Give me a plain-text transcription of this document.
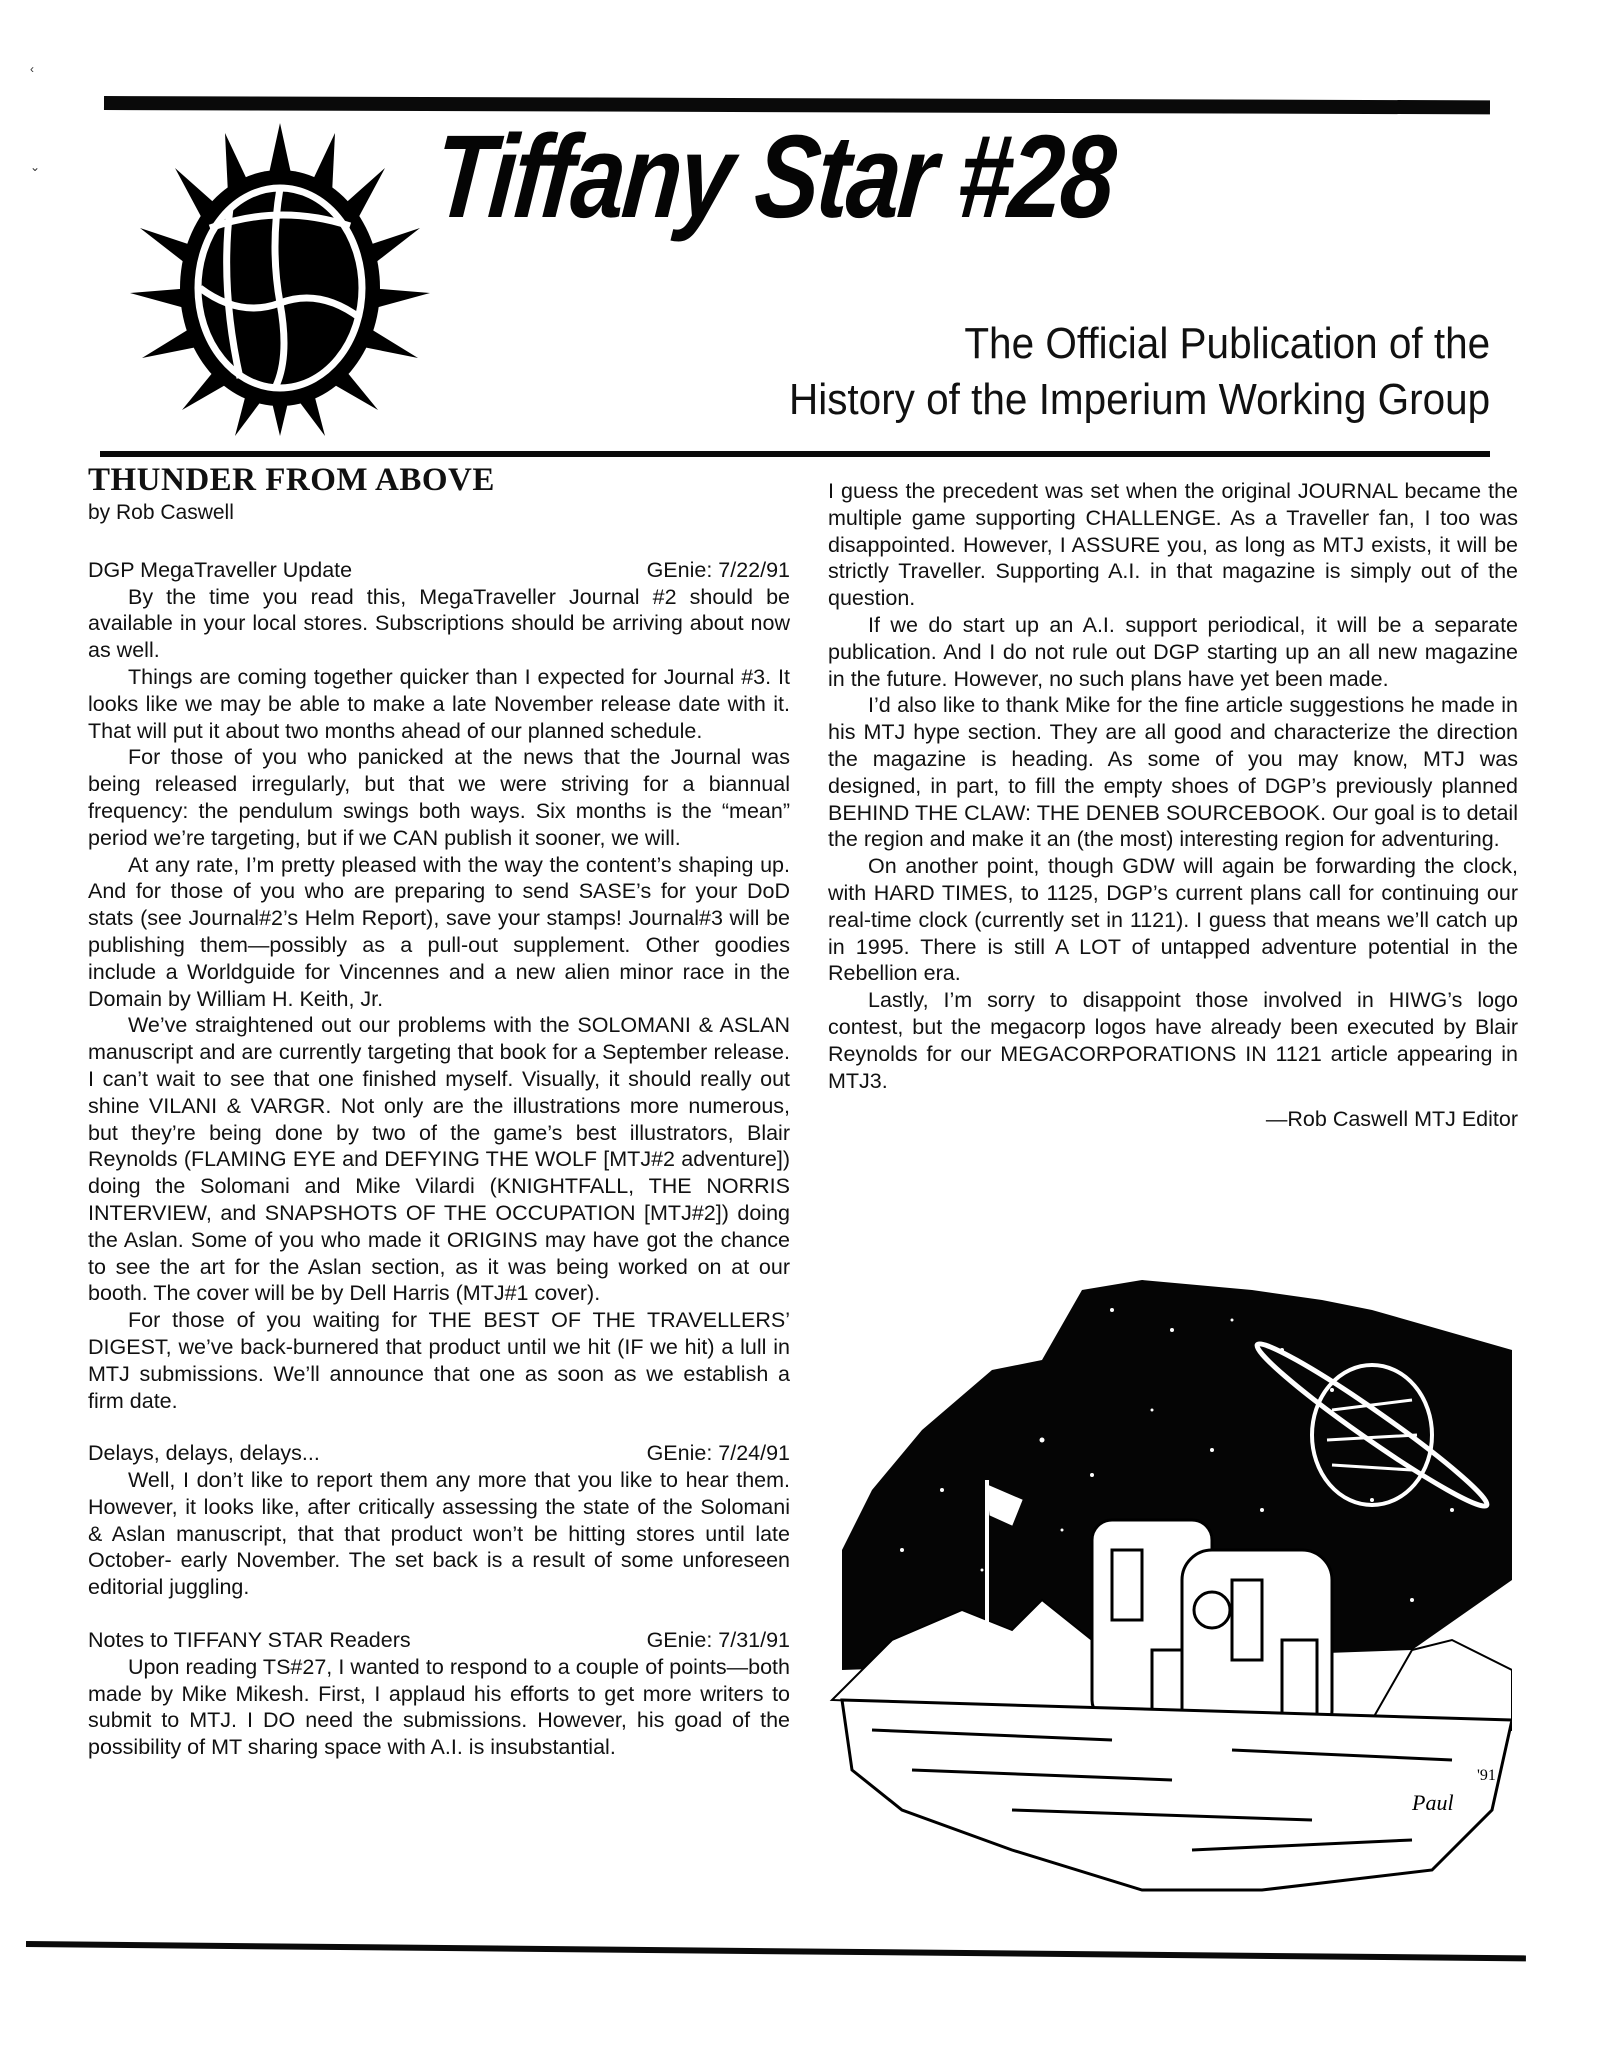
‹
⌄	Tiffany Star #28
The Official Publication of the
History of the Imperium Working Group
THUNDER FROM ABOVE
by Rob Caswell
DGP MegaTraveller Update	GEnie: 7/22/91

By the time you read this, MegaTraveller Journal #2 should be available in your local stores. Subscriptions should be arriving about now as well.

Things are coming together quicker than I expected for Journal #3. It looks like we may be able to make a late November release date with it. That will put it about two months ahead of our planned schedule.

For those of you who panicked at the news that the Journal was being released irregularly, but that we were striving for a biannual frequency: the pendulum swings both ways. Six months is the “mean” period we’re targeting, but if we CAN publish it sooner, we will.

At any rate, I’m pretty pleased with the way the content’s shaping up. And for those of you who are preparing to send SASE’s for your DoD stats (see Journal#2’s Helm Report), save your stamps! Journal#3 will be publishing them—possibly as a pull-out supplement. Other goodies include a Worldguide for Vincennes and a new alien minor race in the Domain by William H. Keith, Jr.

We’ve straightened out our problems with the SOLOMANI & ASLAN manuscript and are currently targeting that book for a September release. I can’t wait to see that one finished myself. Visually, it should really out shine VILANI & VARGR. Not only are the illustrations more numerous, but they’re being done by two of the game’s best illustrators, Blair Reynolds (FLAMING EYE and DEFYING THE WOLF [MTJ#2 adventure]) doing the Solomani and Mike Vilardi (KNIGHTFALL, THE NORRIS INTERVIEW, and SNAPSHOTS OF THE OCCUPATION [MTJ#2]) doing the Aslan. Some of you who made it ORIGINS may have got the chance to see the art for the Aslan section, as it was being worked on at our booth. The cover will be by Dell Harris (MTJ#1 cover).

For those of you waiting for THE BEST OF THE TRAVELLERS’ DIGEST, we’ve back-burnered that product until we hit (IF we hit) a lull in MTJ submissions. We’ll announce that one as soon as we establish a firm date.

Delays, delays, delays...	GEnie: 7/24/91

Well, I don’t like to report them any more that you like to hear them. However, it looks like, after critically assessing the state of the Solomani & Aslan manuscript, that that product won’t be hitting stores until late October- early November. The set back is a result of some unforeseen editorial juggling.

Notes to TIFFANY STAR Readers	GEnie: 7/31/91

Upon reading TS#27, I wanted to respond to a couple of points—both made by Mike Mikesh. First, I applaud his efforts to get more writers to submit to MTJ. I DO need the submissions. However, his goad of the possibility of MT sharing space with A.I. is insubstantial.

I guess the precedent was set when the original JOURNAL became the multiple game supporting CHALLENGE. As a Traveller fan, I too was disappointed. However, I ASSURE you, as long as MTJ exists, it will be strictly Traveller. Supporting A.I. in that magazine is simply out of the question.

If we do start up an A.I. support periodical, it will be a separate publication. And I do not rule out DGP starting up an all new magazine in the future. However, no such plans have yet been made.

I’d also like to thank Mike for the fine article suggestions he made in his MTJ hype section. They are all good and characterize the direction the magazine is heading. As some of you may know, MTJ was designed, in part, to fill the empty shoes of DGP’s previously planned BEHIND THE CLAW: THE DENEB SOURCEBOOK. Our goal is to detail the region and make it an (the most) interesting region for adventuring.

On another point, though GDW will again be forwarding the clock, with HARD TIMES, to 1125, DGP’s current plans call for continuing our real-time clock (currently set in 1121). I guess that means we’ll catch up in 1995. There is still A LOT of untapped adventure potential in the Rebellion era.

Lastly, I’m sorry to disappoint those involved in HIWG’s logo contest, but the megacorp logos have already been executed by Blair Reynolds for our MEGACORPORATIONS IN 1121 article appearing in MTJ3.

—Rob Caswell MTJ Editor
Paul
'91
